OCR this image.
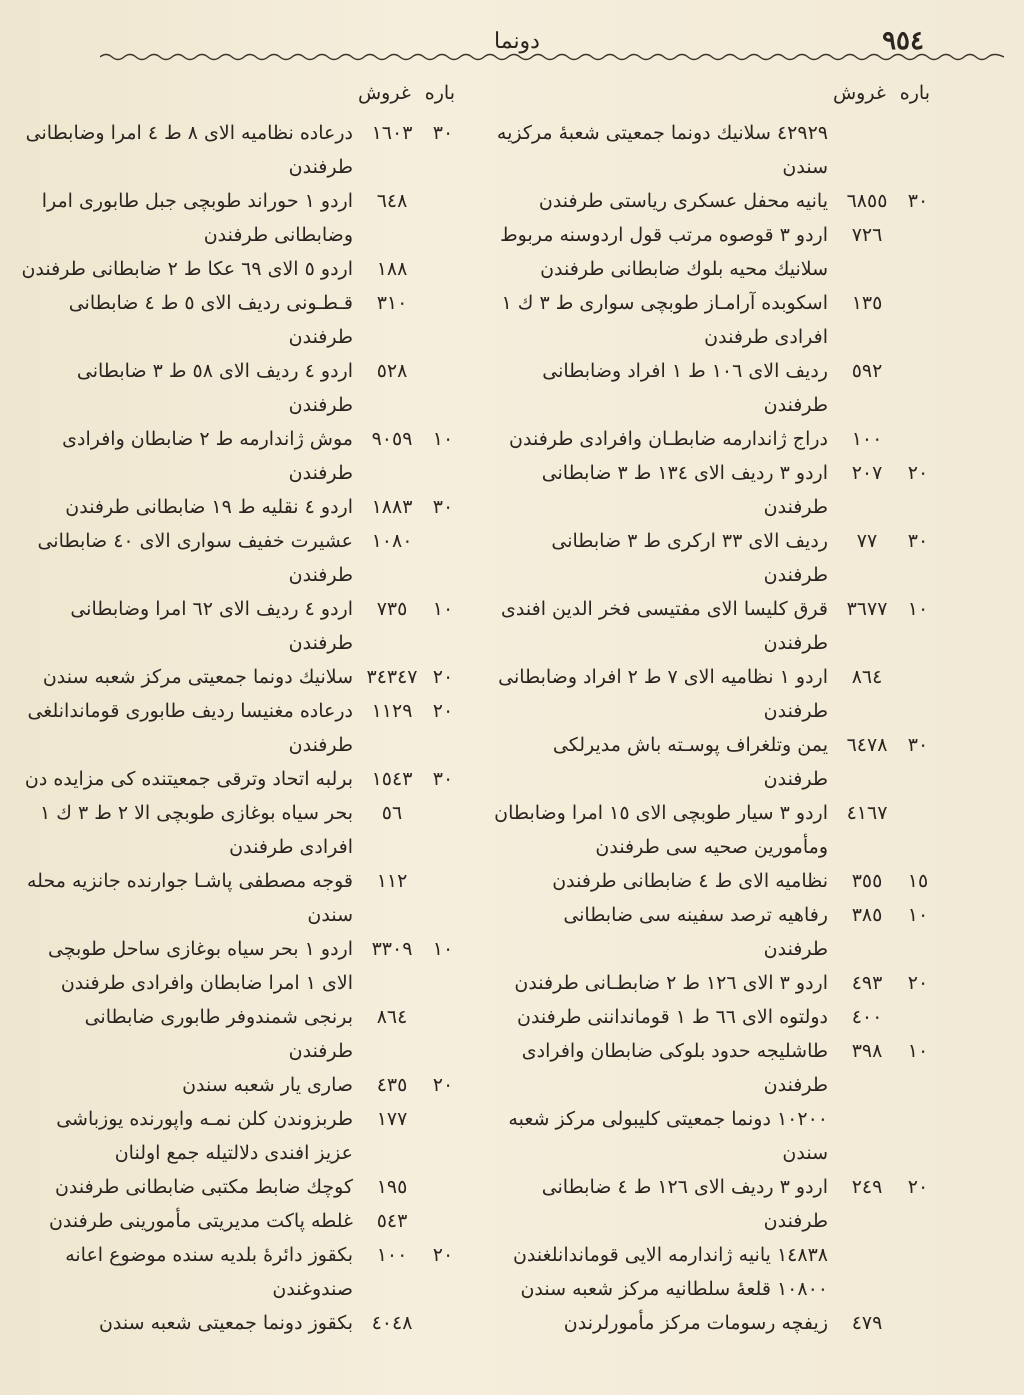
٩٥٤
دونما
باره
غروش
٤٢٩٢٩ سلانيك دونما جمعيتی شعبهٔ مركزيه سندن
٣٠
٦٨٥٥
يانيه محفل عسكری رياستی طرفندن
٧٢٦
اردو ٣ قوصوه مرتب قول اردوسنه مربوط سلانيك محيه بلوك ضابطانی طرفندن
١٣٥
اسكوبده آرامـاز طوبچی سواری ط ٣ ك ١ افرادی طرفندن
٥٩٢
رديف الای ١٠٦ ط ١ افراد وضابطانی طرفندن
١٠٠
دراج ژاندارمه ضابطـان وافرادی طرفندن
٢٠
٢٠٧
اردو ٣ رديف الای ١٣٤ ط ٣ ضابطانی طرفندن
٣٠
٧٧
رديف الای ٣٣ اركری ط ٣ ضابطانی طرفندن
١٠
٣٦٧٧
قرق كليسا الای مفتيسی فخر الدين افندی طرفندن
٨٦٤
اردو ١ نظاميه الای ٧ ط ٢ افراد وضابطانی طرفندن
٣٠
٦٤٧٨
يمن وتلغراف پوسـته باش مديرلكی طرفندن
٤١٦٧
اردو ٣ سيار طوبچی الای ١٥ امرا وضابطان ومأمورين صحيه سی طرفندن
١٥
٣٥٥
نظاميه الای ط ٤ ضابطانی طرفندن
١٠
٣٨٥
رفاهيه ترصد سفينه سی ضابطانی طرفندن
٢٠
٤٩٣
اردو ٣ الای ١٢٦ ط ٢ ضابطـانی طرفندن
٤٠٠
دولتوه الای ٦٦ ط ١ قومانداننی طرفندن
١٠
٣٩٨
طاشليجه حدود بلوكی ضابطان وافرادی طرفندن
١٠٢٠٠ دونما جمعيتی كليبولی مركز شعبه سندن
٢٠
٢٤٩
اردو ٣ رديف الای ١٢٦ ط ٤ ضابطانی طرفندن
١٤٨٣٨ يانيه ژاندارمه الايی قوماندانلغندن
١٠٨٠٠ قلعهٔ سلطانيه مركز شعبه سندن
٤٧٩
زيفچه رسومات مركز مأمورلرندن
باره
غروش
٣٠
١٦٠٣
درعاده نظاميه الای ٨ ط ٤ امرا وضابطانی طرفندن
٦٤٨
اردو ١ حوراند طوبچی جبل طابوری امرا وضابطانی طرفندن
١٨٨
اردو ٥ الای ٦٩ عكا ط ٢ ضابطانی طرفندن
٣١٠
قـطـونی رديف الای ٥ ط ٤ ضابطانی طرفندن
٥٢٨
اردو ٤ رديف الای ٥٨ ط ٣ ضابطانی طرفندن
١٠
٩٠٥٩
موش ژاندارمه ط ٢ ضابطان وافرادی طرفندن
٣٠
١٨٨٣
اردو ٤ نقليه ط ١٩ ضابطانی طرفندن
١٠٨٠
عشيرت خفيف سواری الای ٤٠ ضابطانی طرفندن
١٠
٧٣٥
اردو ٤ رديف الای ٦٢ امرا وضابطانی طرفندن
٢٠
٣٤٣٤٧
سلانيك دونما جمعيتی مركز شعبه سندن
٢٠
١١٢٩
درعاده مغنيسا رديف طابوری قوماندانلغی طرفندن
٣٠
١٥٤٣
برلبه اتحاد وترقی جمعيتنده كی مزايده دن
٥٦
بحر سياه بوغازی طوبچی الا ٢ ط ٣ ك ١ افرادی طرفندن
١١٢
قوجه مصطفی پاشـا جوارنده جانزيه محله سندن
١٠
٣٣٠٩
اردو ١ بحر سياه بوغازی ساحل طوبچی الای ١ امرا ضابطان وافرادی طرفندن
٨٦٤
برنجی شمندوفر طابوری ضابطانی طرفندن
٢٠
٤٣٥
صاری يار شعبه سندن
١٧٧
طربزوندن كلن نمـه واپورنده يوزباشی عزيز افندی دلالتيله جمع اولنان
١٩٥
كوچك ضابط مكتبی ضابطانی طرفندن
٥٤٣
غلطه پاكت مديريتی مأمورينی طرفندن
٢٠
١٠٠
بكقوز دائرهٔ بلديه سنده موضوع اعانه صندوغندن
٤٠٤٨
بكقوز دونما جمعيتی شعبه سندن
